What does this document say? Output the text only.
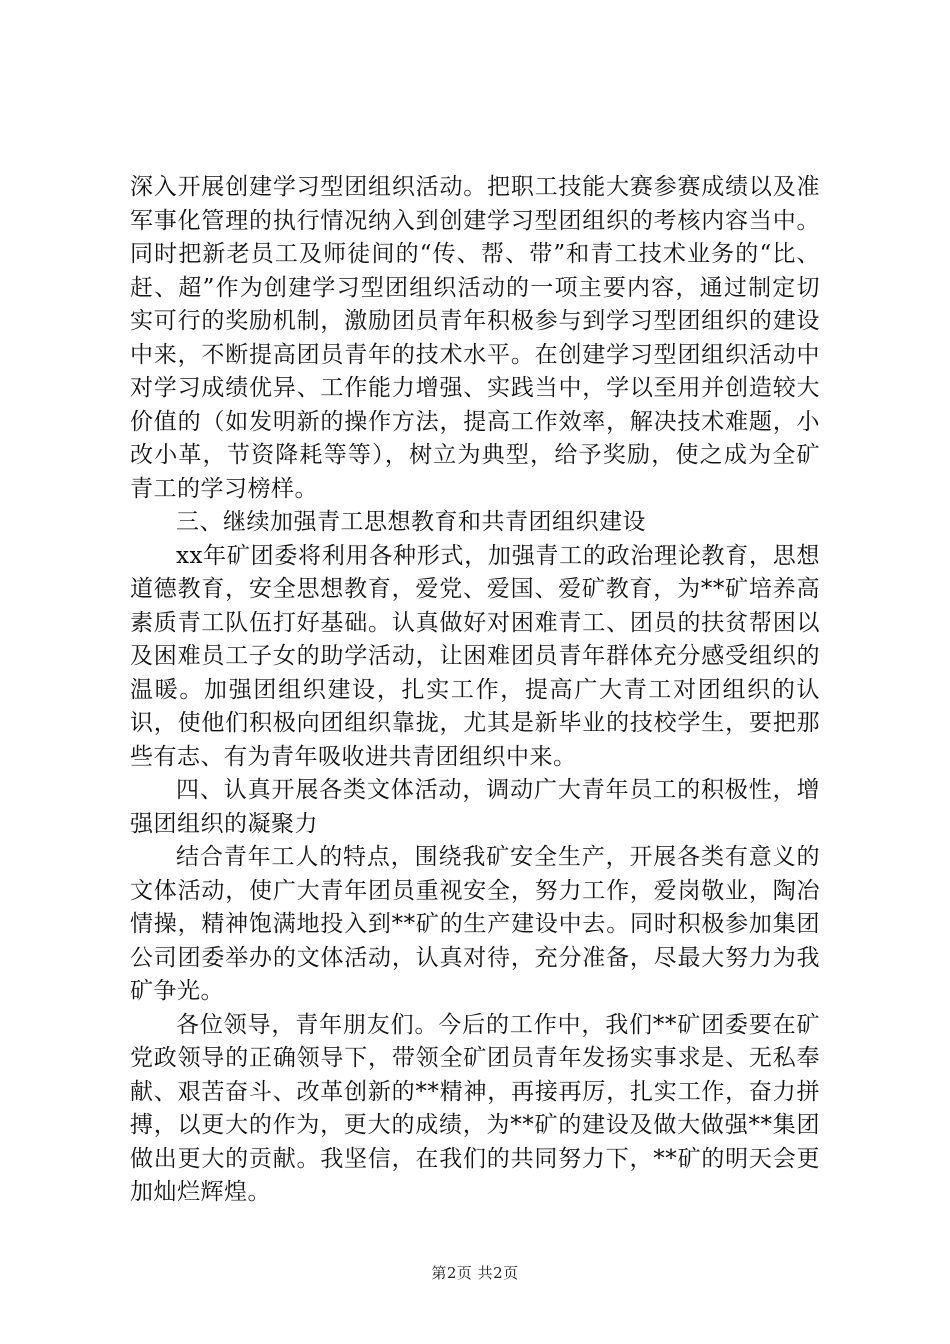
深入开展创建学习型团组织活动。把职工技能大赛参赛成绩以及准军事化管理的执行情况纳入到创建学习型团组织的考核内容当中。同时把新老员工及师徒间的“传、帮、带”和青工技术业务的“比、赶、超”作为创建学习型团组织活动的一项主要内容，通过制定切实可行的奖励机制，激励团员青年积极参与到学习型团组织的建设中来，不断提高团员青年的技术水平。在创建学习型团组织活动中对学习成绩优异、工作能力增强、实践当中，学以至用并创造较大价值的（如发明新的操作方法，提高工作效率，解决技术难题，小改小革，节资降耗等等），树立为典型，给予奖励，使之成为全矿青工的学习榜样。

三、继续加强青工思想教育和共青团组织建设

xx年矿团委将利用各种形式，加强青工的政治理论教育，思想道德教育，安全思想教育，爱党、爱国、爱矿教育，为**矿培养高素质青工队伍打好基础。认真做好对困难青工、团员的扶贫帮困以及困难员工子女的助学活动，让困难团员青年群体充分感受组织的温暖。加强团组织建设，扎实工作，提高广大青工对团组织的认识，使他们积极向团组织靠拢，尤其是新毕业的技校学生，要把那些有志、有为青年吸收进共青团组织中来。

四、认真开展各类文体活动，调动广大青年员工的积极性，增强团组织的凝聚力

结合青年工人的特点，围绕我矿安全生产，开展各类有意义的文体活动，使广大青年团员重视安全，努力工作，爱岗敬业，陶冶情操，精神饱满地投入到**矿的生产建设中去。同时积极参加集团公司团委举办的文体活动，认真对待，充分准备，尽最大努力为我矿争光。

各位领导，青年朋友们。今后的工作中，我们**矿团委要在矿党政领导的正确领导下，带领全矿团员青年发扬实事求是、无私奉献、艰苦奋斗、改革创新的**精神，再接再厉，扎实工作，奋力拼搏，以更大的作为，更大的成绩，为**矿的建设及做大做强**集团做出更大的贡献。我坚信，在我们的共同努力下，**矿的明天会更加灿烂辉煌。

第2页 共2页
